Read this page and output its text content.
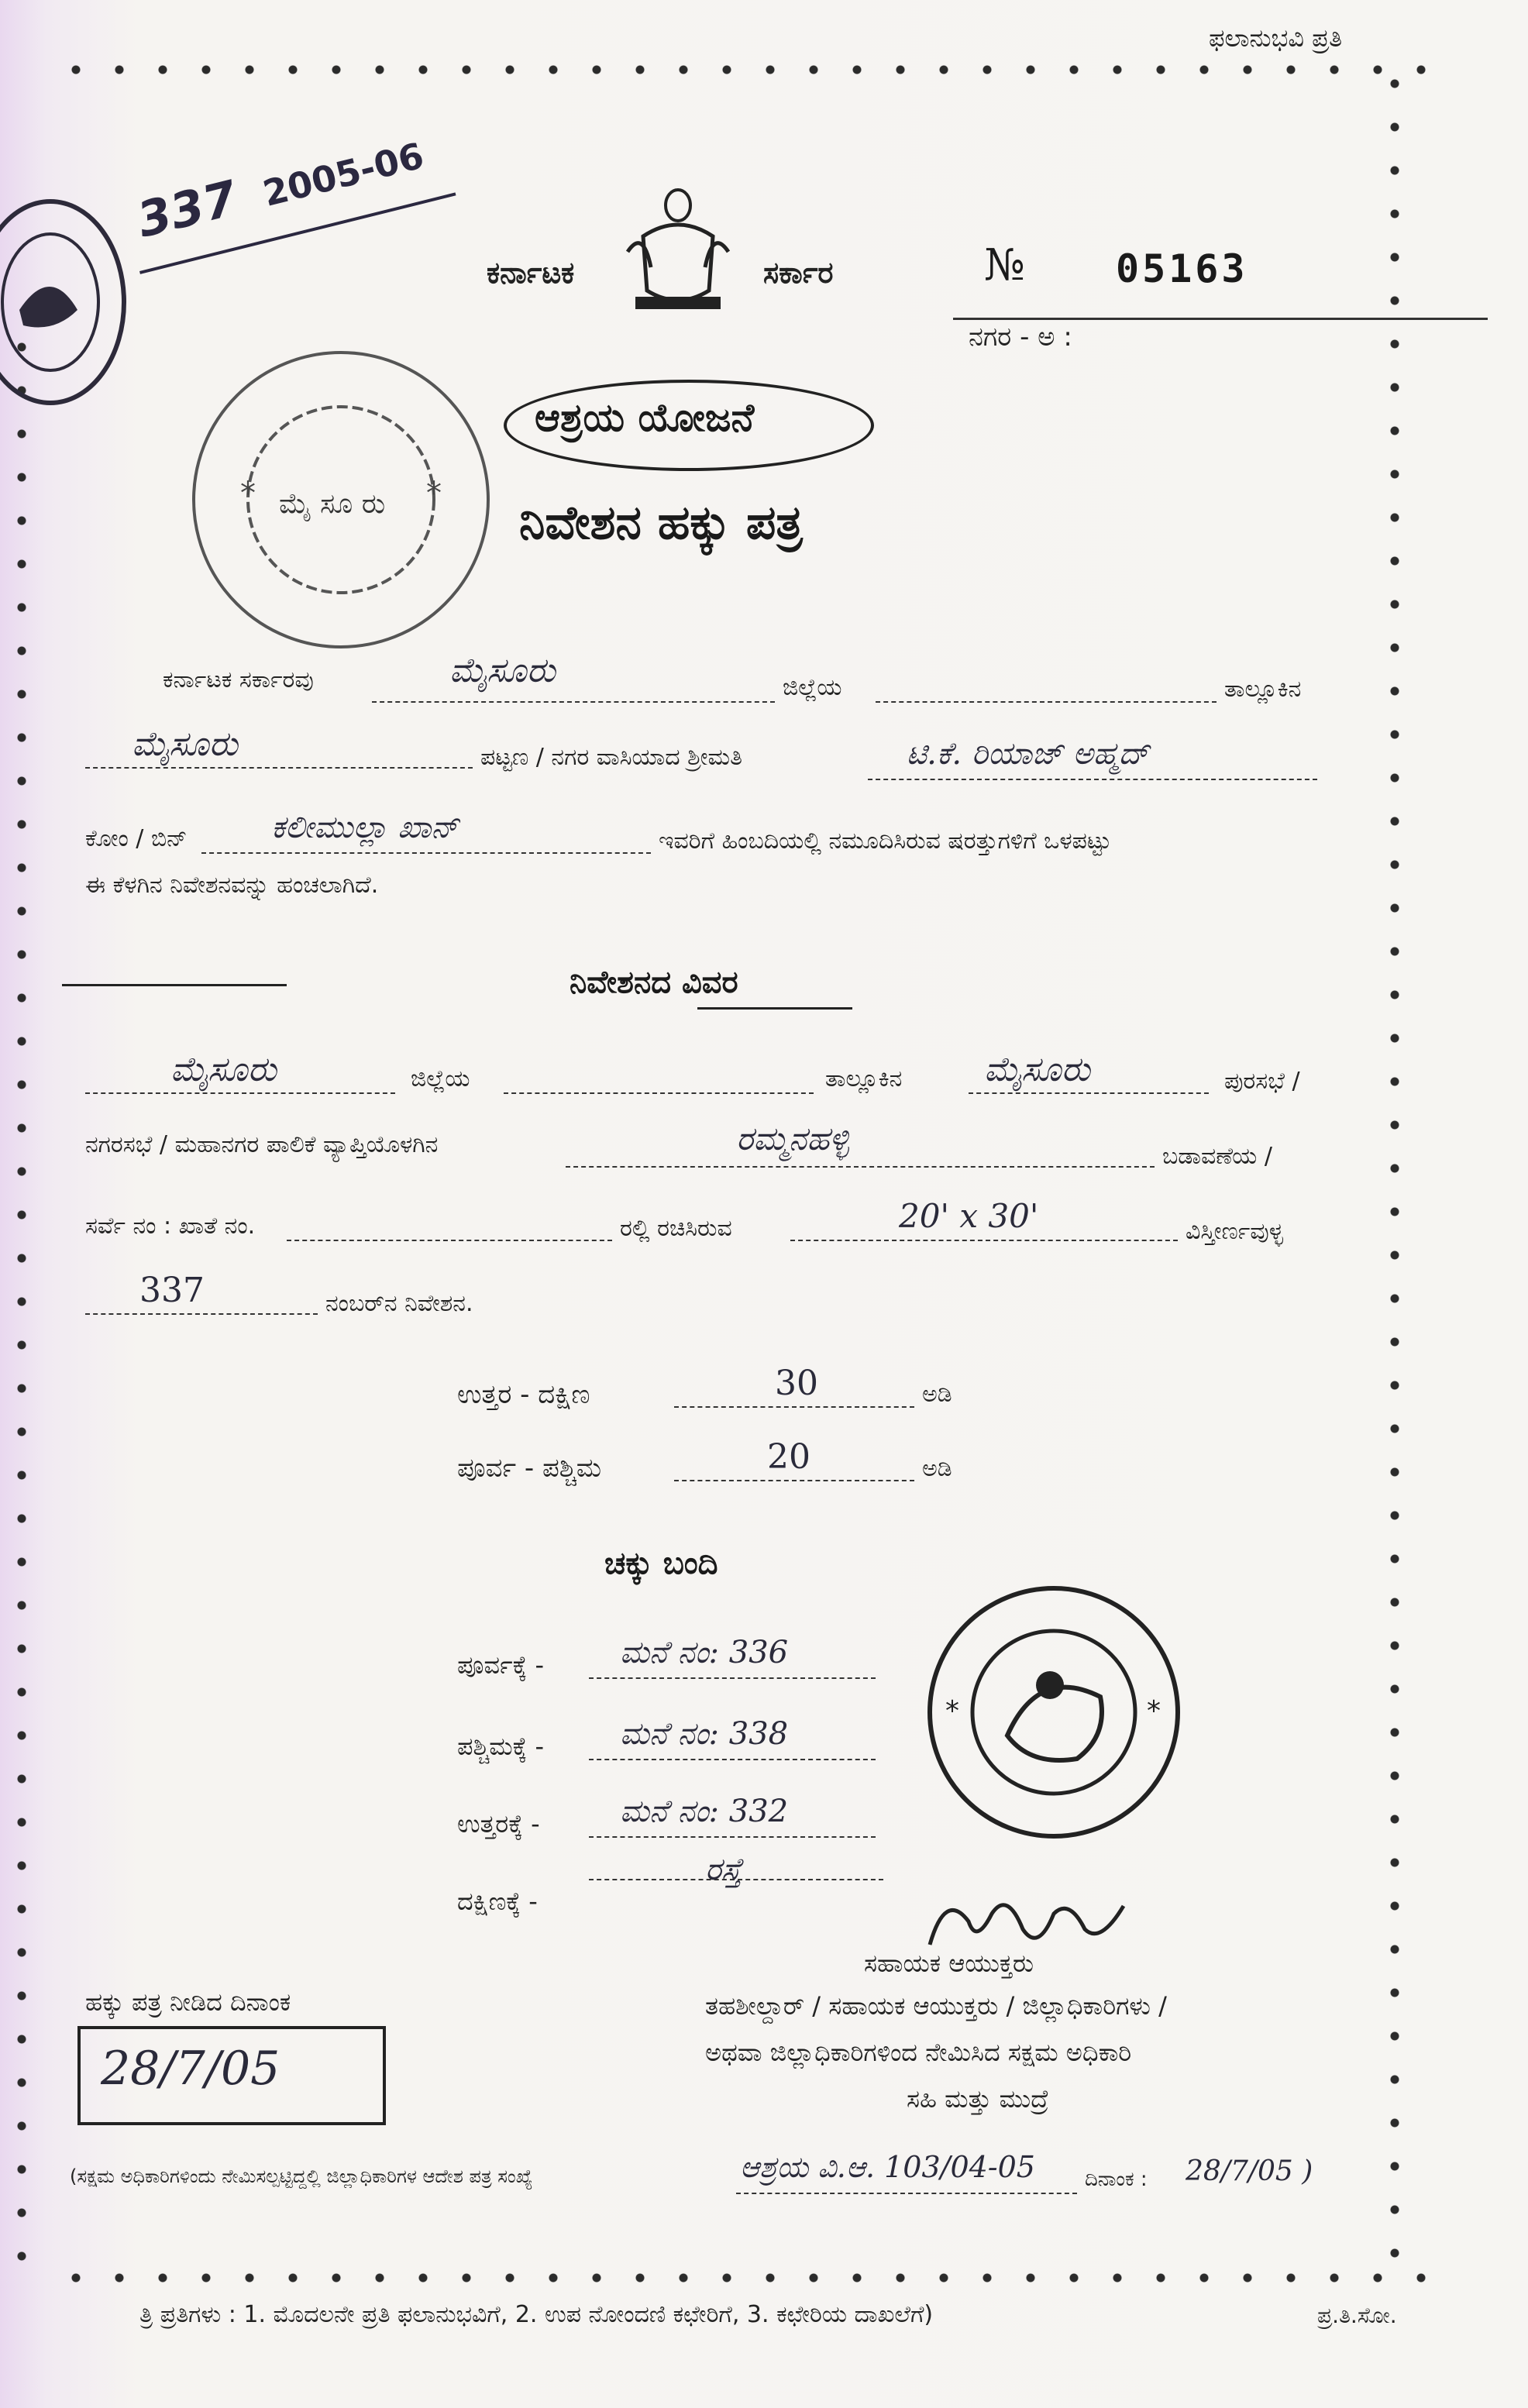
ಫಲಾನುಭವಿ ಪ್ರತಿ
ಕರ್ನಾಟಕ	ಸರ್ಕಾರ	№ 05163
ನಗರ - ಅ :
337 2005-06
*	*
ಮೈ ಸೂ ರು
ಆಶ್ರಯ ಯೋಜನೆ
ನಿವೇಶನ ಹಕ್ಕು ಪತ್ರ
ಕರ್ನಾಟಕ ಸರ್ಕಾರವು	ಮೈಸೂರು	ಜಿಲ್ಲೆಯ	ತಾಲ್ಲೂಕಿನ
ಮೈಸೂರು	ಪಟ್ಟಣ / ನಗರ ವಾಸಿಯಾದ ಶ್ರೀಮತಿ	ಟಿ.ಕೆ. ರಿಯಾಜ್ ಅಹ್ಮದ್
ಕೋಂ / ಬಿನ್	ಕಲೀಮುಲ್ಲಾ ಖಾನ್	ಇವರಿಗೆ ಹಿಂಬದಿಯಲ್ಲಿ ನಮೂದಿಸಿರುವ ಷರತ್ತುಗಳಿಗೆ ಒಳಪಟ್ಟು
ಈ ಕೆಳಗಿನ ನಿವೇಶನವನ್ನು ಹಂಚಲಾಗಿದೆ.
ನಿವೇಶನದ ವಿವರ
ಮೈಸೂರು	ಜಿಲ್ಲೆಯ	ತಾಲ್ಲೂಕಿನ ಮೈಸೂರು	ಪುರಸಭೆ /
ನಗರಸಭೆ / ಮಹಾನಗರ ಪಾಲಿಕೆ ವ್ಯಾಪ್ತಿಯೊಳಗಿನ	ರಮ್ಮನಹಳ್ಳಿ	ಬಡಾವಣೆಯ /
ಸರ್ವೆ ನಂ : ಖಾತೆ ನಂ.	ರಲ್ಲಿ ರಚಿಸಿರುವ	20' x 30'	ವಿಸ್ತೀರ್ಣವುಳ್ಳ
337	ನಂಬರ್‌ನ ನಿವೇಶನ.
ಉತ್ತರ - ದಕ್ಷಿಣ	30	ಅಡಿ
ಪೂರ್ವ - ಪಶ್ಚಿಮ	20	ಅಡಿ
ಚಕ್ಕು ಬಂದಿ
ಪೂರ್ವಕ್ಕೆ - ಮನೆ ನಂ: 336
ಪಶ್ಚಿಮಕ್ಕೆ - ಮನೆ ನಂ: 338
ಉತ್ತರಕ್ಕೆ -	ಮನೆ ನಂ: 332
ದಕ್ಷಿಣಕ್ಕೆ -
ರಸ್ತೆ
*	*
ಸಹಾಯಕ ಆಯುಕ್ತರು
ತಹಶೀಲ್ದಾರ್ / ಸಹಾಯಕ ಆಯುಕ್ತರು / ಜಿಲ್ಲಾಧಿಕಾರಿಗಳು /
ಅಥವಾ ಜಿಲ್ಲಾಧಿಕಾರಿಗಳಿಂದ ನೇಮಿಸಿದ ಸಕ್ಷಮ ಅಧಿಕಾರಿ
ಸಹಿ ಮತ್ತು ಮುದ್ರೆ
ಹಕ್ಕು ಪತ್ರ ನೀಡಿದ ದಿನಾಂಕ
28/7/05
(ಸಕ್ಷಮ ಅಧಿಕಾರಿಗಳಿಂದು ನೇಮಿಸಲ್ಪಟ್ಟಿದ್ದಲ್ಲಿ ಜಿಲ್ಲಾಧಿಕಾರಿಗಳ ಆದೇಶ ಪತ್ರ ಸಂಖ್ಯೆ	ಆಶ್ರಯ ವಿ.ಆ. 103/04-05 ದಿನಾಂಕ : 28/7/05 )
ತ್ರಿ ಪ್ರತಿಗಳು : 1. ಮೊದಲನೇ ಪ್ರತಿ ಫಲಾನುಭವಿಗೆ, 2. ಉಪ ನೋಂದಣಿ ಕಛೇರಿಗೆ, 3. ಕಛೇರಿಯ ದಾಖಲೆಗೆ)	ಪ್ರ.ತಿ.ಸೋ.
